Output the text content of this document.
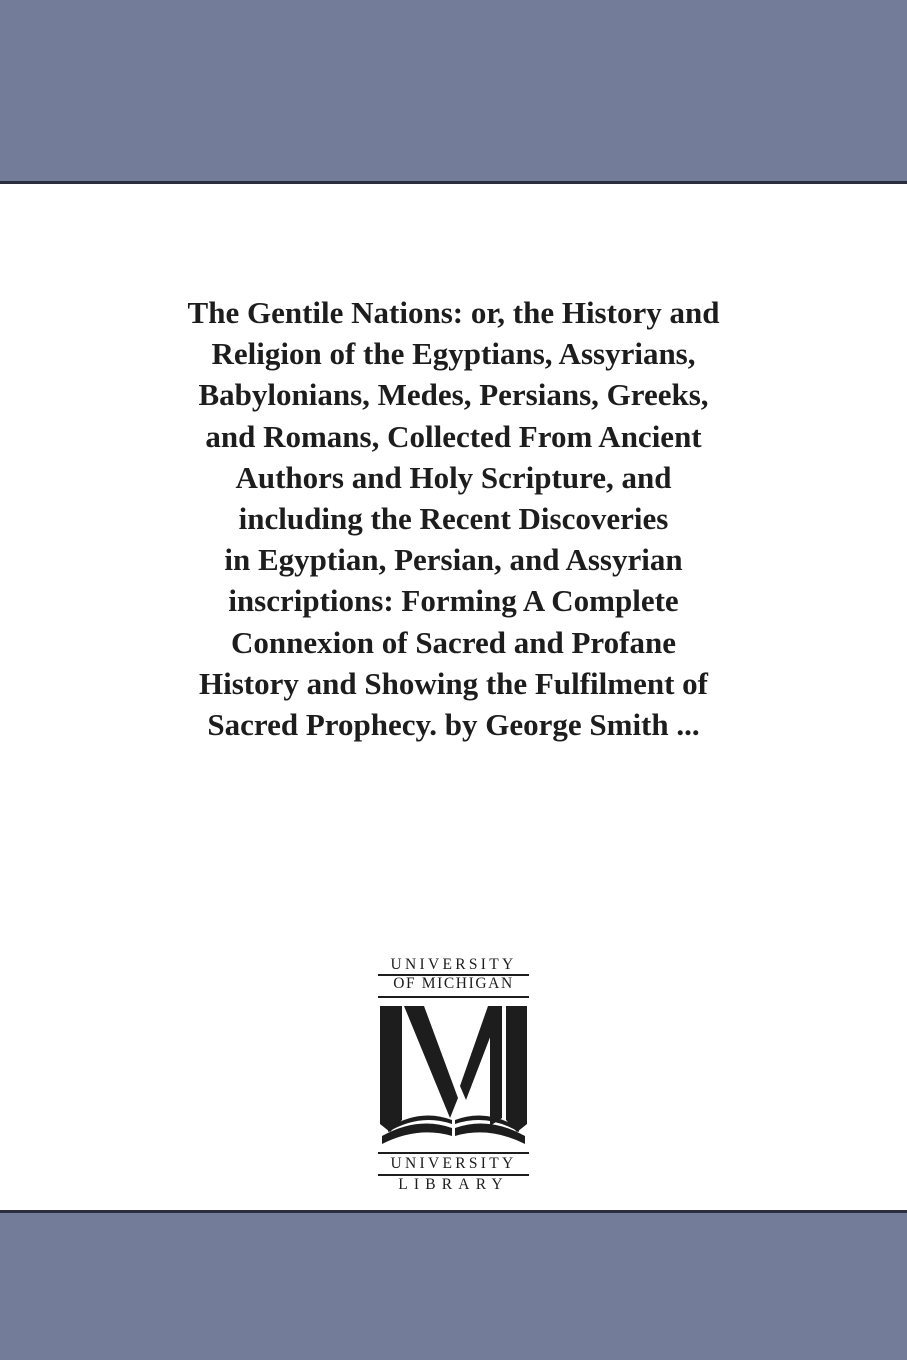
The Gentile Nations: or, the History and
Religion of the Egyptians, Assyrians,
Babylonians, Medes, Persians, Greeks,
and Romans, Collected From Ancient
Authors and Holy Scripture, and
including the Recent Discoveries
in Egyptian, Persian, and Assyrian
inscriptions: Forming A Complete
Connexion of Sacred and Profane
History and Showing the Fulfilment of
Sacred Prophecy. by George Smith ...
UNIVERSITY
OF MICHIGAN
UNIVERSITY
LIBRARY
